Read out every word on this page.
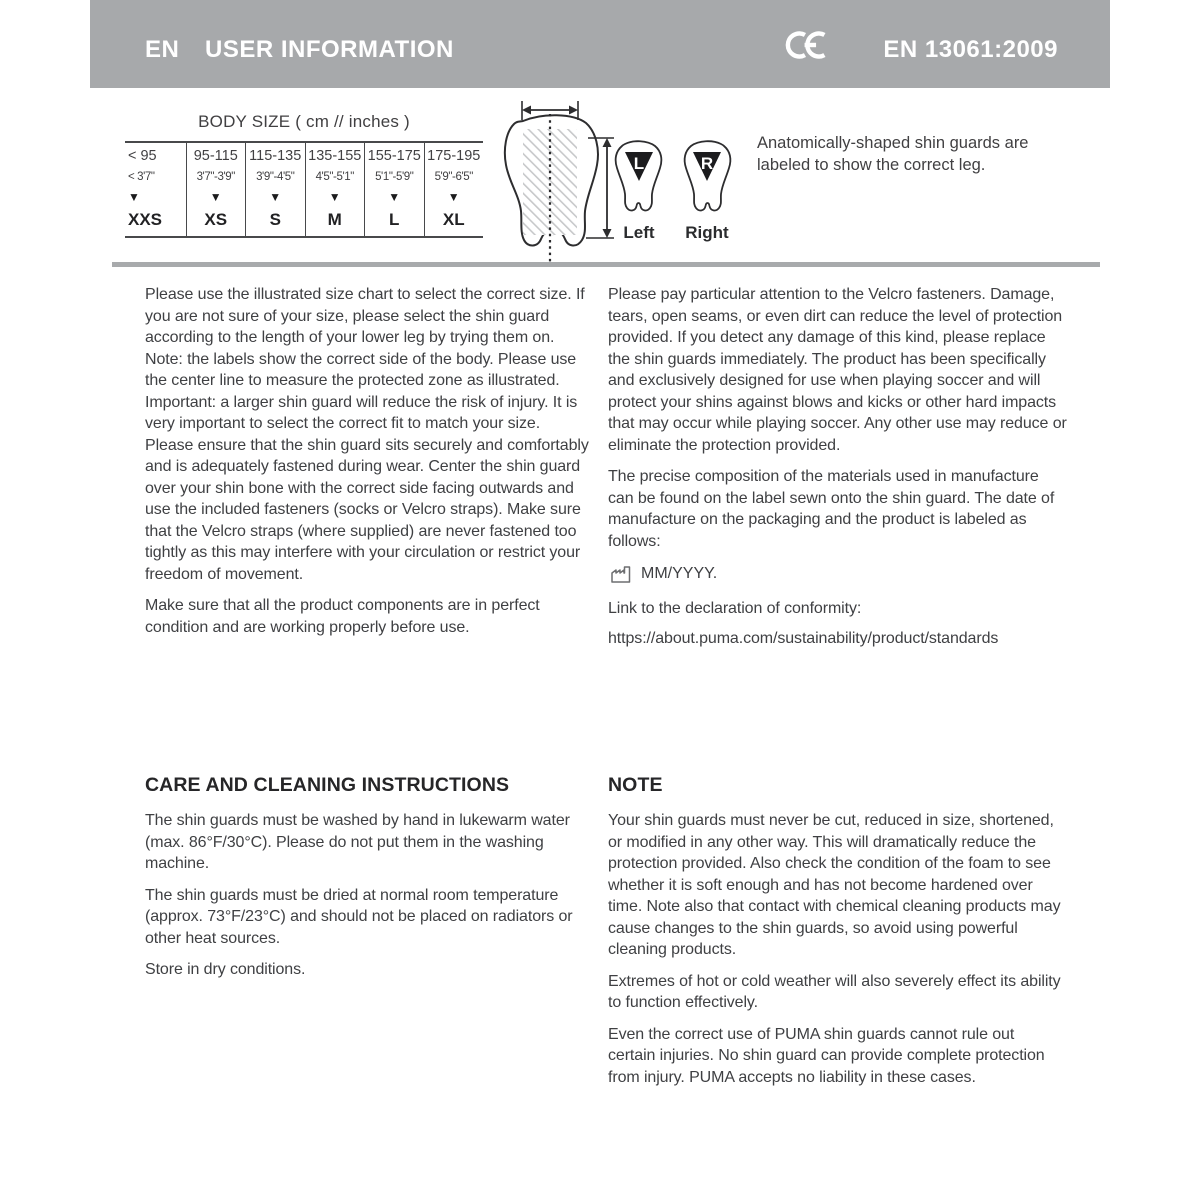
EN USER INFORMATION	EN 13061:2009
BODY SIZE ( cm // inches )
< 95
< 3'7"
▼
XXS
95-115
3'7"-3'9"
▼
XS
115-135
3'9"-4'5"
▼
S
135-155
4'5"-5'1"
▼
M
155-175
5'1"-5'9"
▼
L
175-195
5'9"-6'5"
▼
XL
L
Left
R
Right
Anatomically-shaped shin guards are labeled to show the correct leg.

Please use the illustrated size chart to select the correct size. If you are not sure of your size, please select the shin guard according to the length of your lower leg by trying them on. Note: the labels show the correct side of the body. Please use the center line to measure the protected zone as illustrated. Important: a larger shin guard will reduce the risk of injury. It is very important to select the correct fit to match your size. Please ensure that the shin guard sits securely and comfortably and is adequately fastened during wear. Center the shin guard over your shin bone with the correct side facing outwards and use the included fasteners (socks or Velcro straps). Make sure that the Velcro straps (where supplied) are never fastened too tightly as this may interfere with your circulation or restrict your freedom of movement.

Make sure that all the product components are in perfect condition and are working properly before use.

Please pay particular attention to the Velcro fasteners. Damage, tears, open seams, or even dirt can reduce the level of protection provided. If you detect any damage of this kind, please replace the shin guards immediately. The product has been specifically and exclusively designed for use when playing soccer and will protect your shins against blows and kicks or other hard impacts that may occur while playing soccer. Any other use may reduce or eliminate the protection provided.

The precise composition of the materials used in manufacture can be found on the label sewn onto the shin guard. The date of manufacture on the packaging and the product is labeled as follows:

MM/YYYY.

Link to the declaration of conformity:

https://about.puma.com/sustainability/product/standards
CARE AND CLEANING INSTRUCTIONS

The shin guards must be washed by hand in lukewarm water (max. 86°F/30°C). Please do not put them in the washing machine.

The shin guards must be dried at normal room temperature (approx. 73°F/23°C) and should not be placed on radiators or other heat sources.

Store in dry conditions.

NOTE

Your shin guards must never be cut, reduced in size, shortened, or modified in any other way. This will dramatically reduce the protection provided. Also check the condition of the foam to see whether it is soft enough and has not become hardened over time. Note also that contact with chemical cleaning products may cause changes to the shin guards, so avoid using powerful cleaning products.

Extremes of hot or cold weather will also severely effect its ability to function effectively.

Even the correct use of PUMA shin guards cannot rule out certain injuries. No shin guard can provide complete protection from injury. PUMA accepts no liability in these cases.
